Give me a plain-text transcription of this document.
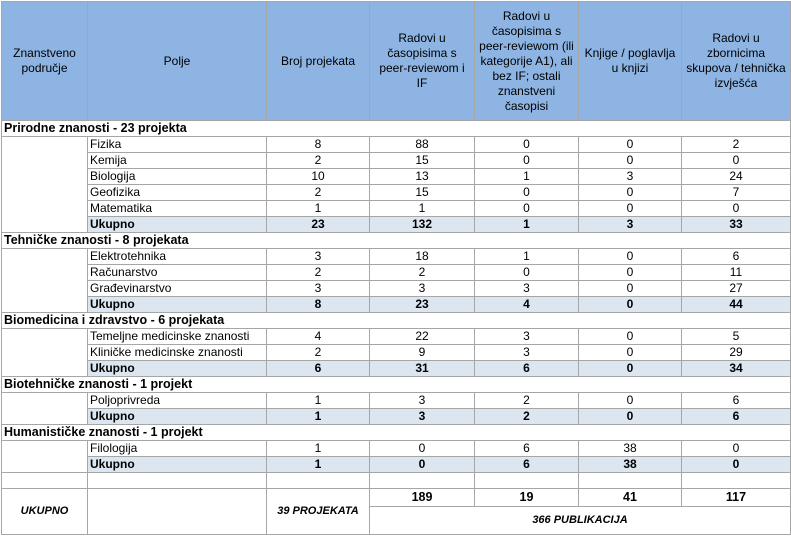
Znanstveno područje	Polje	Broj projekata	Radovi u časopisima s peer-reviewom i IF	Radovi u časopisima s peer-reviewom (ili kategorije A1), ali bez IF; ostali znanstveni časopisi	Knjige / poglavlja u knjizi	Radovi u zbornicima skupova / tehnička izvješća
Prirodne znanosti - 23 projekta						
	Fizika	8	88	0	0	2
	Kemija	2	15	0	0	0
	Biologija	10	13	1	3	24
	Geofizika	2	15	0	0	7
	Matematika	1	1	0	0	0
	Ukupno	23	132	1	3	33
Tehničke znanosti - 8 projekata						
	Elektrotehnika	3	18	1	0	6
	Računarstvo	2	2	0	0	11
	Građevinarstvo	3	3	3	0	27
	Ukupno	8	23	4	0	44
Biomedicina i zdravstvo - 6 projekata						
	Temeljne medicinske znanosti	4	22	3	0	5
	Kliničke medicinske znanosti	2	9	3	0	29
	Ukupno	6	31	6	0	34
Biotehničke znanosti - 1 projekt						
	Poljoprivreda	1	3	2	0	6
	Ukupno	1	3	2	0	6
Humanističke znanosti - 1 projekt						
	Filologija	1	0	6	38	0
	Ukupno	1	0	6	38	0

UKUPNO		39 PROJEKATA	189	19	41	117
			366 PUBLIKACIJA			
